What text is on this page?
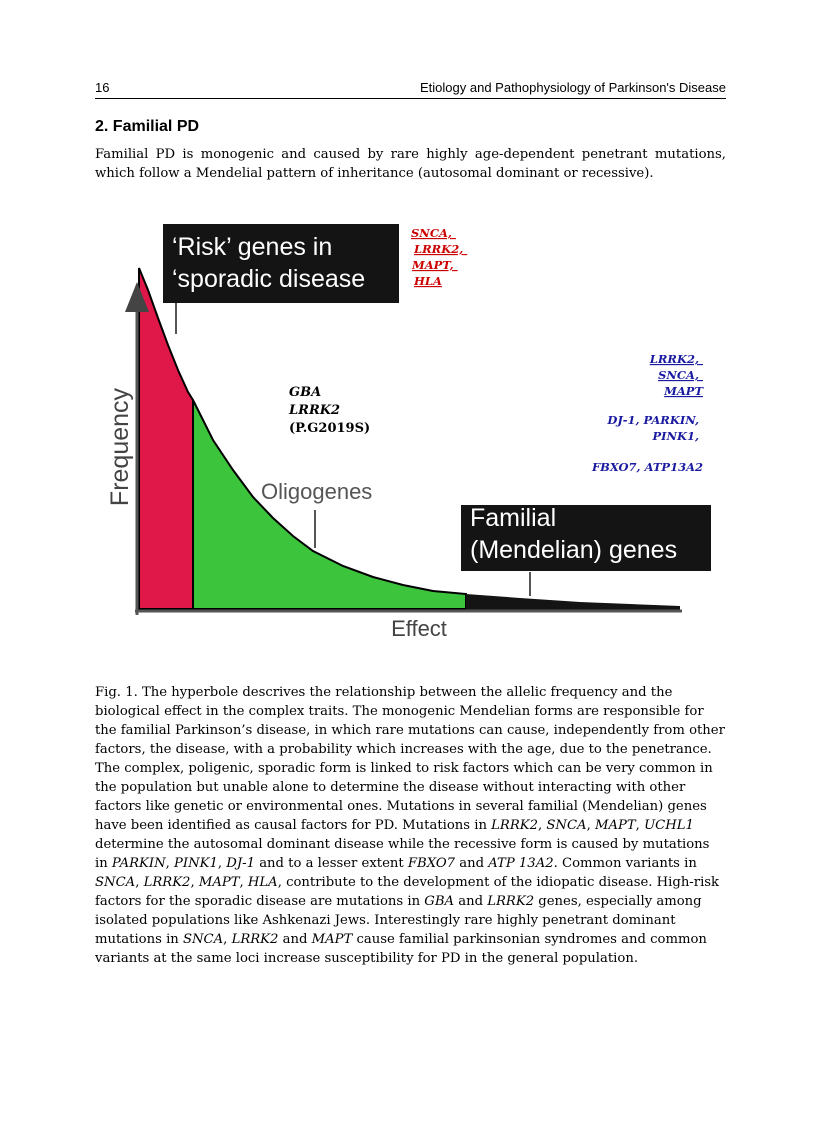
16	Etiology and Pathophysiology of Parkinson's Disease
2. Familial PD

Familial PD is monogenic and caused by rare highly age-dependent penetrant mutations, which follow a Mendelial pattern of inheritance (autosomal dominant or recessive).

Frequency
Effect
‘Risk’ genes in ‘sporadic disease
SNCA, LRRK2, MAPT, HLA
GBA LRRK2 (P.G2019S)
Oligogenes
Familial (Mendelian) genes
LRRK2, SNCA, MAPT
DJ-1, PARKIN, PINK1, FBXO7, ATP13A2

Fig. 1. The hyperbole descrives the relationship between the allelic frequency and the biological effect in the complex traits. The monogenic Mendelian forms are responsible for the familial Parkinson’s disease, in which rare mutations can cause, independently from other factors, the disease, with a probability which increases with the age, due to the penetrance. The complex, poligenic, sporadic form is linked to risk factors which can be very common in the population but unable alone to determine the disease without interacting with other factors like genetic or environmental ones. Mutations in several familial (Mendelian) genes have been identified as causal factors for PD. Mutations in LRRK2, SNCA, MAPT, UCHL1 determine the autosomal dominant disease while the recessive form is caused by mutations in PARKIN, PINK1, DJ-1 and to a lesser extent FBXO7 and ATP 13A2. Common variants in SNCA, LRRK2, MAPT, HLA, contribute to the development of the idiopatic disease. High-risk factors for the sporadic disease are mutations in GBA and LRRK2 genes, especially among isolated populations like Ashkenazi Jews. Interestingly rare highly penetrant dominant mutations in SNCA, LRRK2 and MAPT cause familial parkinsonian syndromes and common variants at the same loci increase susceptibility for PD in the general population.
